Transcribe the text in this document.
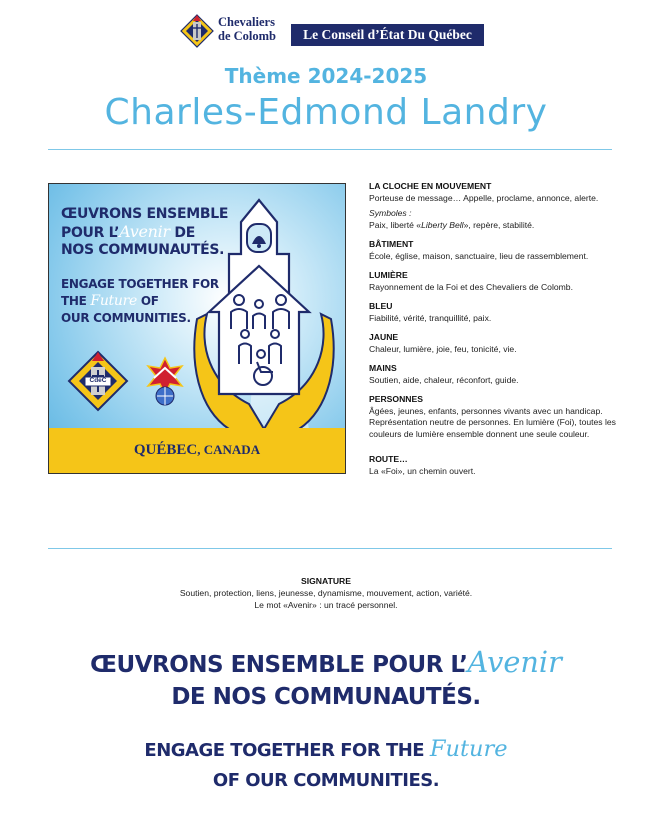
Chevaliers
de Colomb	Le Conseil d’État Du Québec
Thème 2024-2025
Charles-Edmond Landry
ŒUVRONS ENSEMBLE
POUR L’Avenir DE
NOS COMMUNAUTÉS.
ENGAGE TOGETHER FOR
THE Future OF
OUR COMMUNITIES.
CdeC
QUÉBEC, CANADA

LA CLOCHE EN MOUVEMENT

Porteuse de message… Appelle, proclame, annonce, alerte.

Symboles :

Paix, liberté «Liberty Bell», repère, stabilité.

BÂTIMENT

École, église, maison, sanctuaire, lieu de rassemblement.

LUMIÈRE

Rayonnement de la Foi et des Chevaliers de Colomb.

BLEU

Fiabilité, vérité, tranquillité, paix.

JAUNE

Chaleur, lumière, joie, feu, tonicité, vie.

MAINS

Soutien, aide, chaleur, réconfort, guide.

PERSONNES

Âgées, jeunes, enfants, personnes vivants avec un handicap. Représentation neutre de personnes. En lumière (Foi), toutes les couleurs de lumière ensemble donnent une seule couleur.

ROUTE…

La «Foi», un chemin ouvert.

SIGNATURE
Soutien, protection, liens, jeunesse, dynamisme, mouvement, action, variété.
Le mot «Avenir» : un tracé personnel.
ŒUVRONS ENSEMBLE POUR L’Avenir
DE NOS COMMUNAUTÉS.
ENGAGE TOGETHER FOR THE Future
OF OUR COMMUNITIES.
